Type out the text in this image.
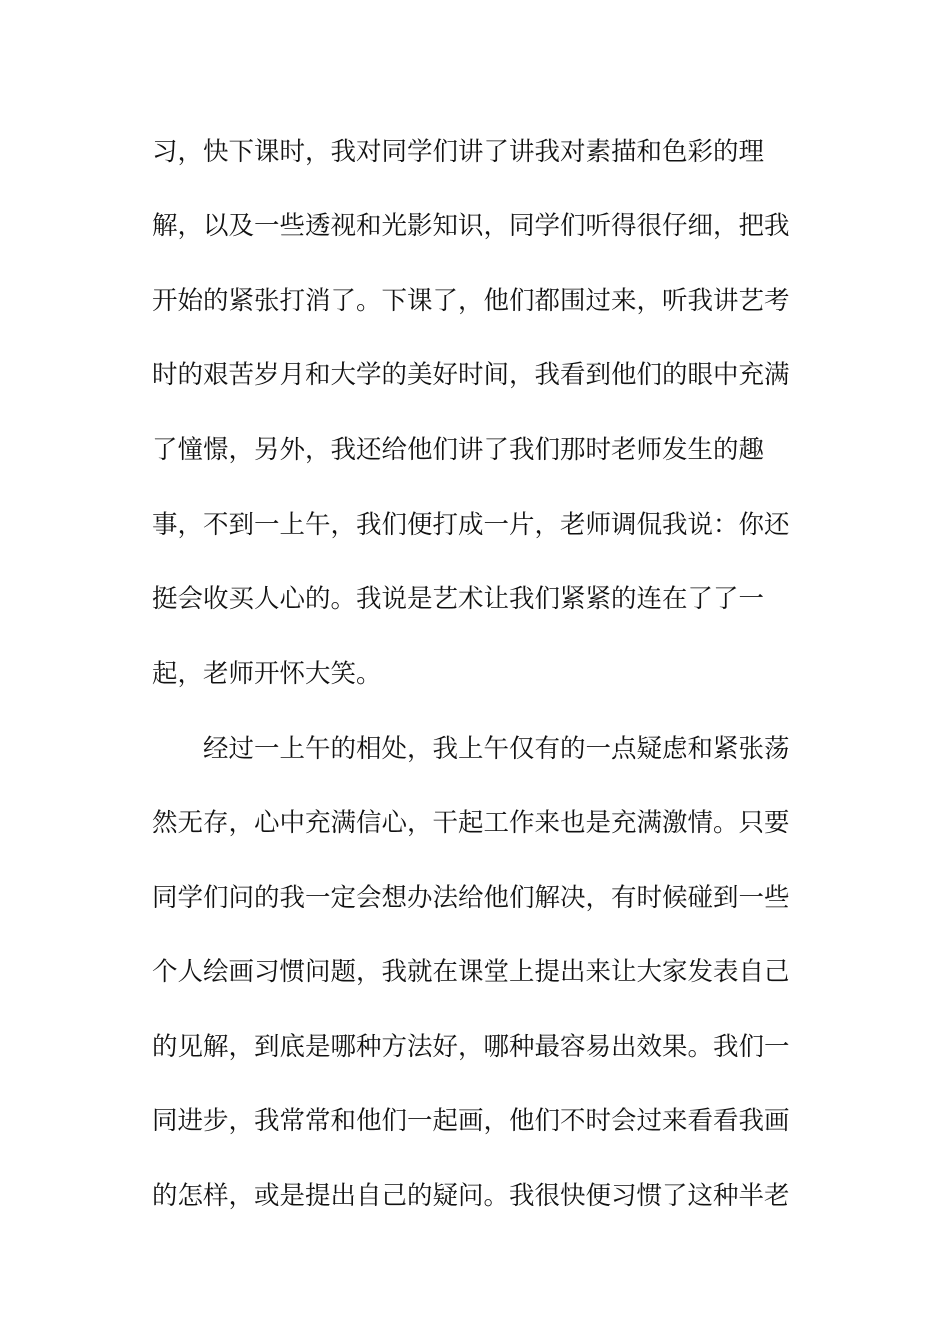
习，快下课时，我对同学们讲了讲我对素描和色彩的理
解，以及一些透视和光影知识，同学们听得很仔细，把我
开始的紧张打消了。下课了，他们都围过来，听我讲艺考
时的艰苦岁月和大学的美好时间，我看到他们的眼中充满
了憧憬，另外，我还给他们讲了我们那时老师发生的趣
事，不到一上午，我们便打成一片，老师调侃我说：你还
挺会收买人心的。我说是艺术让我们紧紧的连在了了一
起，老师开怀大笑。
经过一上午的相处，我上午仅有的一点疑虑和紧张荡
然无存，心中充满信心，干起工作来也是充满激情。只要
同学们问的我一定会想办法给他们解决，有时候碰到一些
个人绘画习惯问题，我就在课堂上提出来让大家发表自己
的见解，到底是哪种方法好，哪种最容易出效果。我们一
同进步，我常常和他们一起画，他们不时会过来看看我画
的怎样，或是提出自己的疑问。我很快便习惯了这种半老
